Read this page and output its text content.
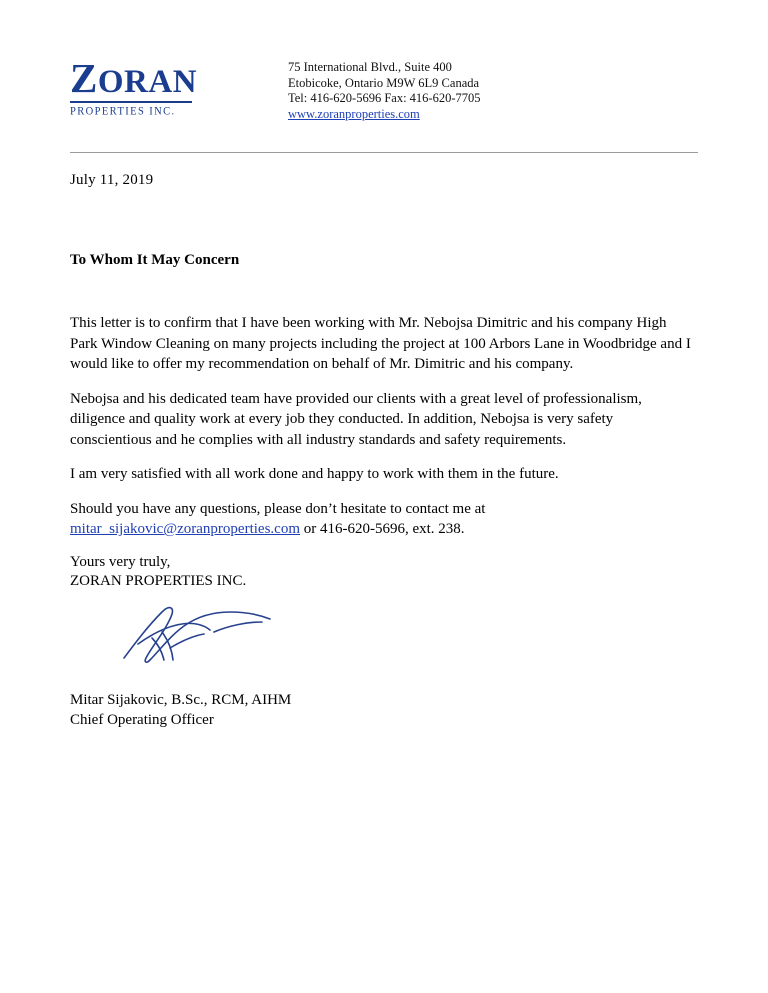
ZORAN
PROPERTIES INC.
75 International Blvd., Suite 400
Etobicoke, Ontario M9W 6L9 Canada
Tel: 416-620-5696 Fax: 416-620-7705
www.zoranproperties.com
July 11, 2019
To Whom It May Concern

This letter is to confirm that I have been working with Mr. Nebojsa Dimitric and his company High Park Window Cleaning on many projects including the project at 100 Arbors Lane in Woodbridge and I would like to offer my recommendation on behalf of Mr. Dimitric and his company.

Nebojsa and his dedicated team have provided our clients with a great level of professionalism, diligence and quality work at every job they conducted. In addition, Nebojsa is very safety conscientious and he complies with all industry standards and safety requirements.

I am very satisfied with all work done and happy to work with them in the future.

Should you have any questions, please don’t hesitate to contact me at
mitar_sijakovic@zoranproperties.com or 416-620-5696, ext. 238.

Yours very truly,
ZORAN PROPERTIES INC.
Mitar Sijakovic, B.Sc., RCM, AIHM
Chief Operating Officer
